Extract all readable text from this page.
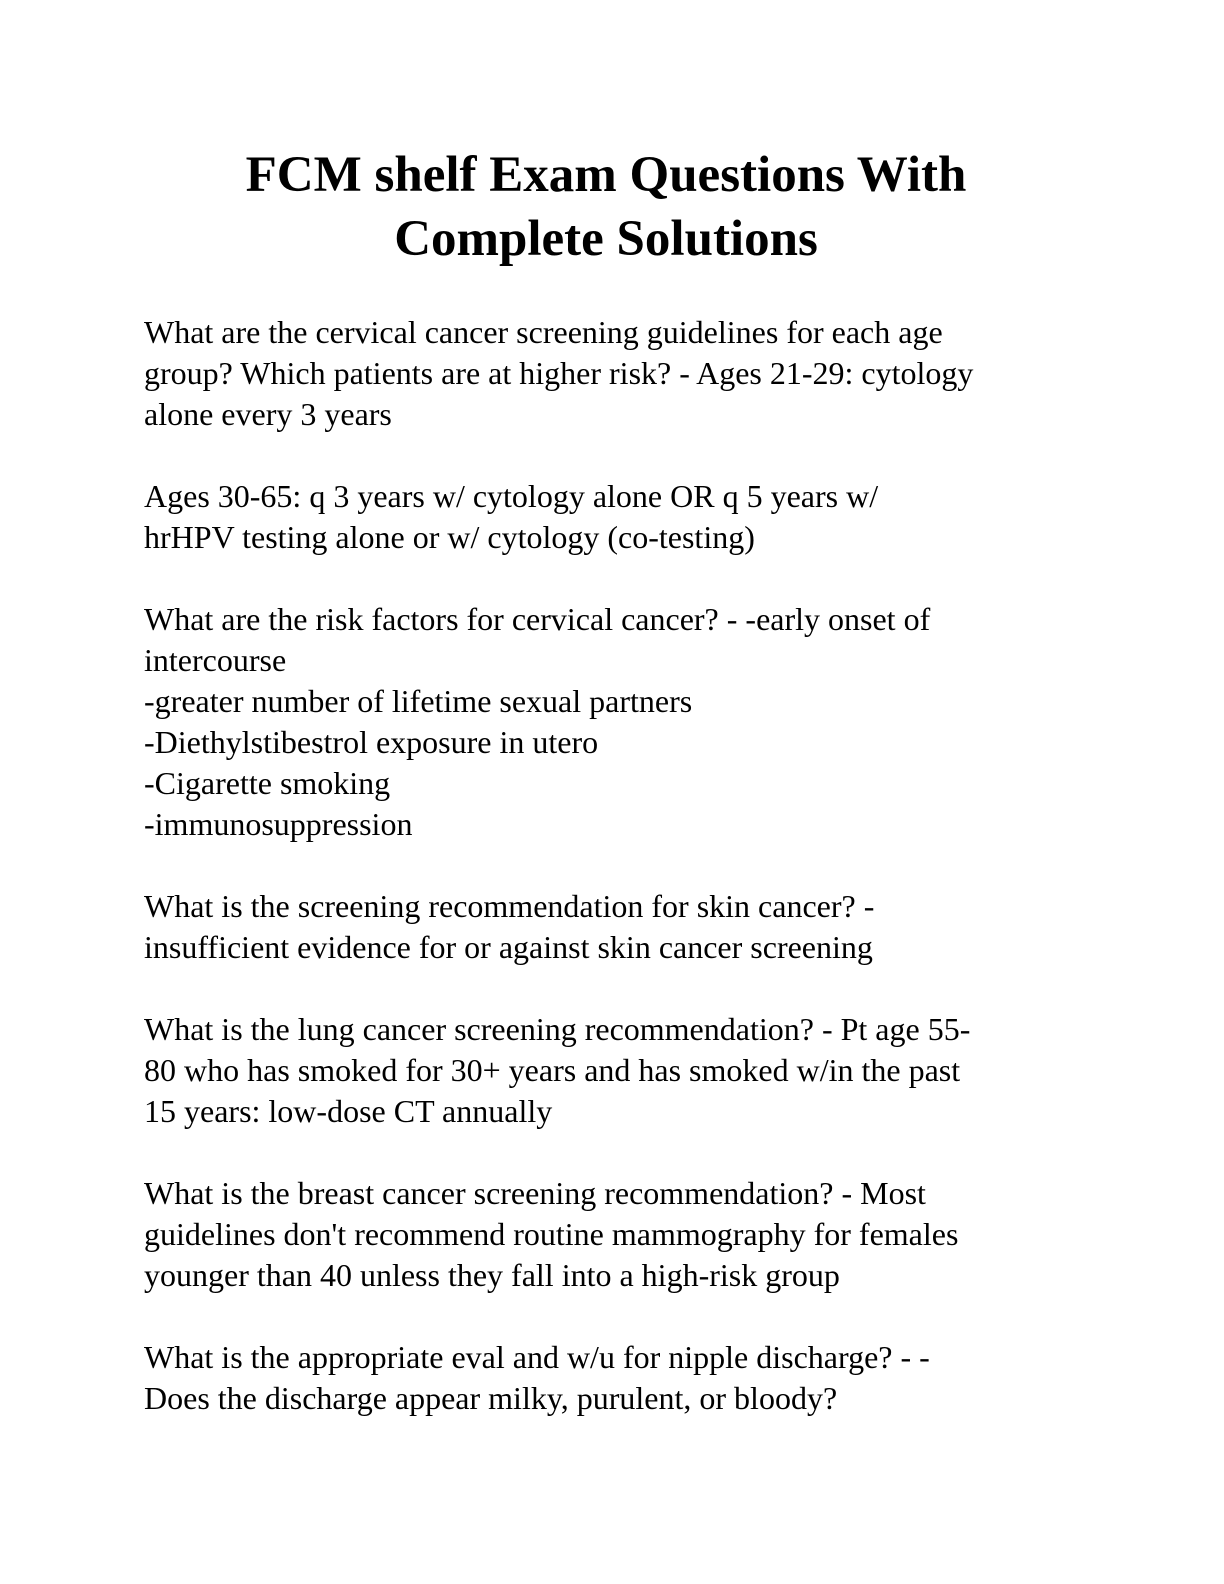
FCM shelf Exam Questions With
Complete Solutions

What are the cervical cancer screening guidelines for each age
group? Which patients are at higher risk? - Ages 21-29: cytology
alone every 3 years

Ages 30-65: q 3 years w/ cytology alone OR q 5 years w/
hrHPV testing alone or w/ cytology (co-testing)

What are the risk factors for cervical cancer? - -early onset of
intercourse
-greater number of lifetime sexual partners
-Diethylstibestrol exposure in utero
-Cigarette smoking
-immunosuppression

What is the screening recommendation for skin cancer? -
insufficient evidence for or against skin cancer screening

What is the lung cancer screening recommendation? - Pt age 55-
80 who has smoked for 30+ years and has smoked w/in the past
15 years: low-dose CT annually

What is the breast cancer screening recommendation? - Most
guidelines don't recommend routine mammography for females
younger than 40 unless they fall into a high-risk group

What is the appropriate eval and w/u for nipple discharge? - -
Does the discharge appear milky, purulent, or bloody?
